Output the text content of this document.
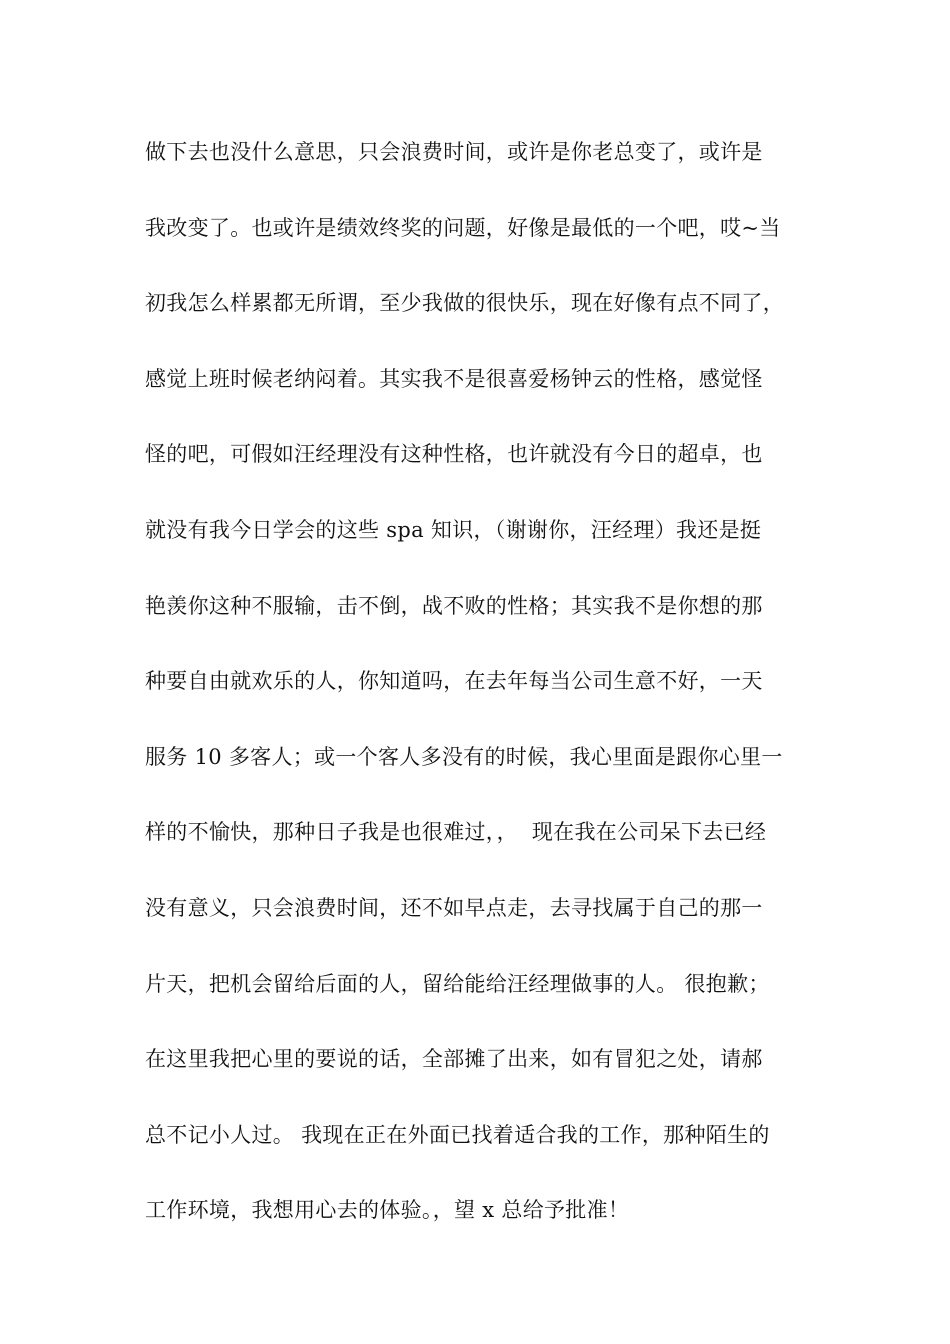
做下去也没什么意思，只会浪费时间，或许是你老总变了，或许是
我改变了。也或许是绩效终奖的问题，好像是最低的一个吧，哎~当
初我怎么样累都无所谓，至少我做的很快乐，现在好像有点不同了，
感觉上班时候老纳闷着。其实我不是很喜爱杨钟云的性格，感觉怪
怪的吧，可假如汪经理没有这种性格，也许就没有今日的超卓，也
就没有我今日学会的这些 spa 知识，（谢谢你，汪经理）我还是挺
艳羡你这种不服输，击不倒，战不败的性格；其实我不是你想的那
种要自由就欢乐的人，你知道吗，在去年每当公司生意不好，一天
服务 10 多客人；或一个客人多没有的时候，我心里面是跟你心里一
样的不愉快，那种日子我是也很难过，，  现在我在公司呆下去已经
没有意义，只会浪费时间，还不如早点走，去寻找属于自己的那一
片天，把机会留给后面的人，留给能给汪经理做事的人。 很抱歉；
在这里我把心里的要说的话，全部摊了出来，如有冒犯之处，请郝
总不记小人过。 我现在正在外面已找着适合我的工作，那种陌生的
工作环境，我想用心去的体验。，望 x 总给予批准！
